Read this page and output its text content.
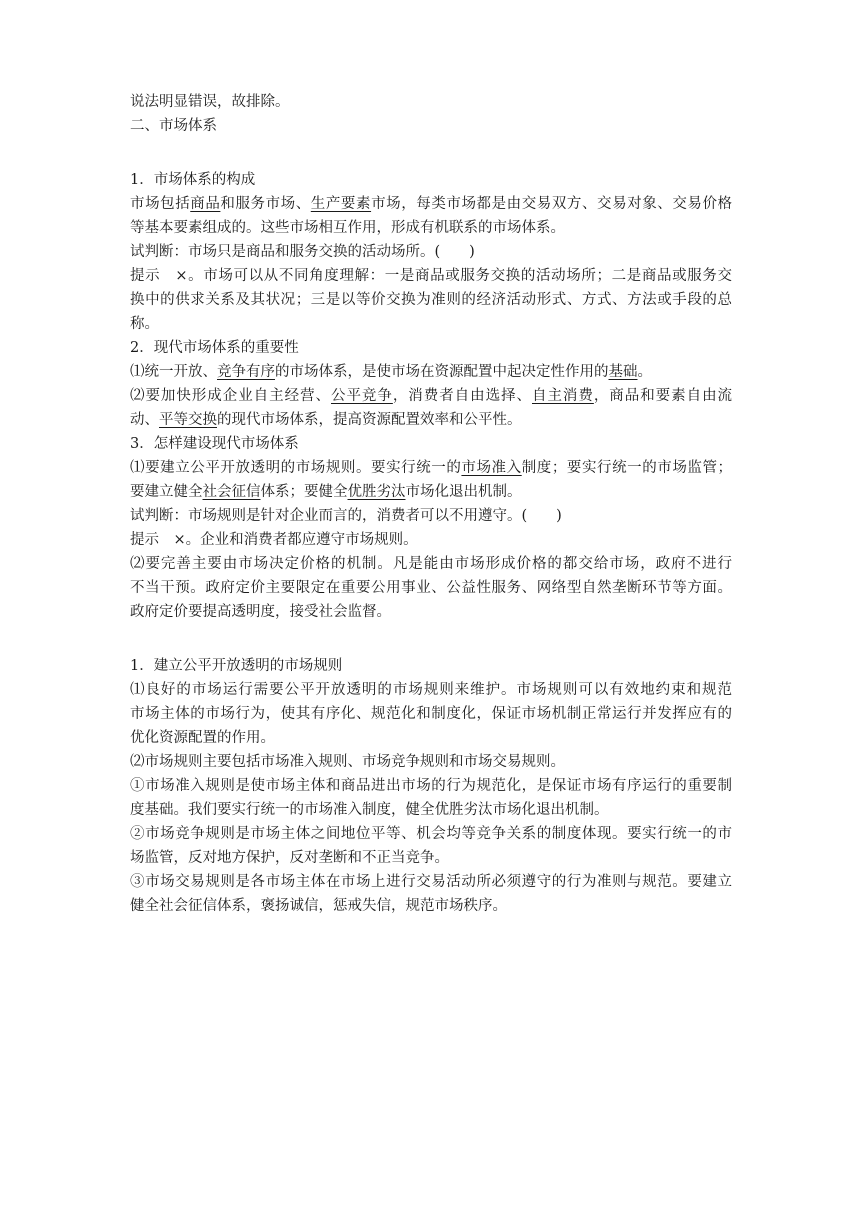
说法明显错误，故排除。
二、市场体系
1．市场体系的构成
市场包括商品和服务市场、生产要素市场，每类市场都是由交易双方、交易对象、交易价格
等基本要素组成的。这些市场相互作用，形成有机联系的市场体系。
试判断：市场只是商品和服务交换的活动场所。(　　)
提示　×。市场可以从不同角度理解：一是商品或服务交换的活动场所；二是商品或服务交
换中的供求关系及其状况；三是以等价交换为准则的经济活动形式、方式、方法或手段的总
称。
2．现代市场体系的重要性
⑴统一开放、竞争有序的市场体系，是使市场在资源配置中起决定性作用的基础。
⑵要加快形成企业自主经营、公平竞争，消费者自由选择、自主消费，商品和要素自由流
动、平等交换的现代市场体系，提高资源配置效率和公平性。
3．怎样建设现代市场体系
⑴要建立公平开放透明的市场规则。要实行统一的市场准入制度；要实行统一的市场监管；
要建立健全社会征信体系；要健全优胜劣汰市场化退出机制。
试判断：市场规则是针对企业而言的，消费者可以不用遵守。(　　)
提示　×。企业和消费者都应遵守市场规则。
⑵要完善主要由市场决定价格的机制。凡是能由市场形成价格的都交给市场，政府不进行
不当干预。政府定价主要限定在重要公用事业、公益性服务、网络型自然垄断环节等方面。
政府定价要提高透明度，接受社会监督。
1．建立公平开放透明的市场规则
⑴良好的市场运行需要公平开放透明的市场规则来维护。市场规则可以有效地约束和规范
市场主体的市场行为，使其有序化、规范化和制度化，保证市场机制正常运行并发挥应有的
优化资源配置的作用。
⑵市场规则主要包括市场准入规则、市场竞争规则和市场交易规则。
①市场准入规则是使市场主体和商品进出市场的行为规范化，是保证市场有序运行的重要制
度基础。我们要实行统一的市场准入制度，健全优胜劣汰市场化退出机制。
②市场竞争规则是市场主体之间地位平等、机会均等竞争关系的制度体现。要实行统一的市
场监管，反对地方保护，反对垄断和不正当竞争。
③市场交易规则是各市场主体在市场上进行交易活动所必须遵守的行为准则与规范。要建立
健全社会征信体系，褒扬诚信，惩戒失信，规范市场秩序。
